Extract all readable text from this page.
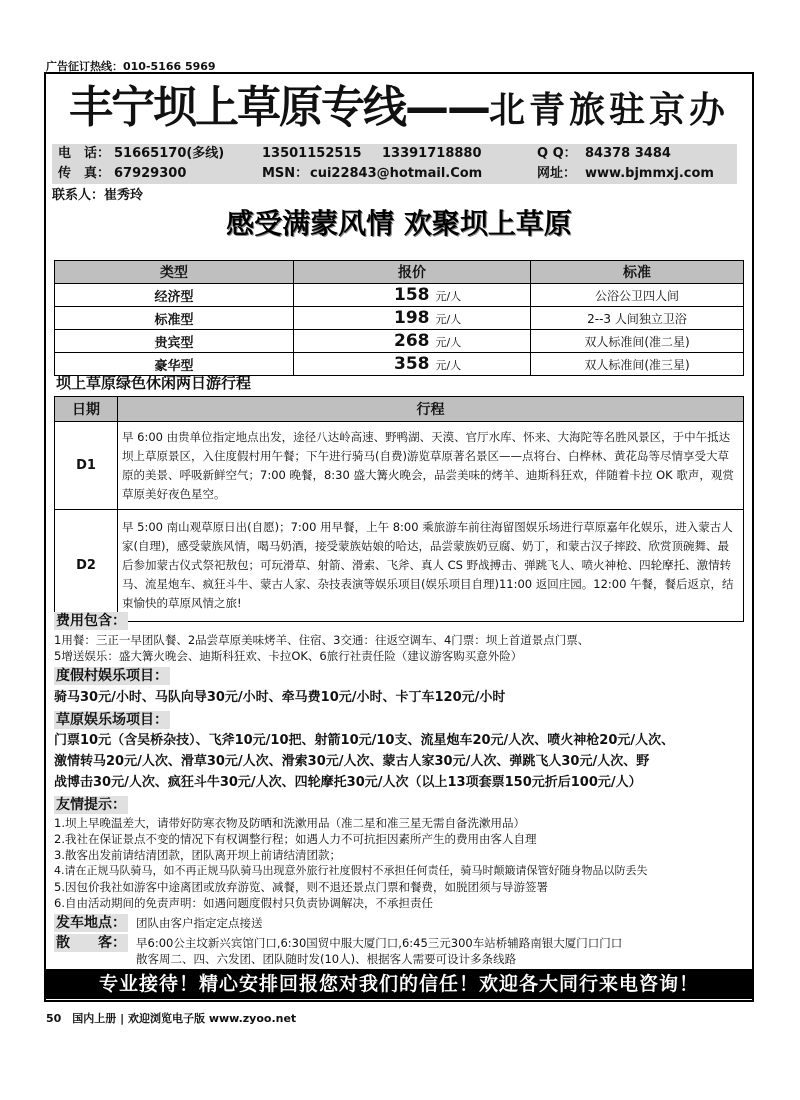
广告征订热线：010-5166 5969
丰宁坝上草原专线——北青旅驻京办
电　话： 51665170(多线)	13501152515 13391718880	Q Q： 84378 3484
传　真： 67929300	MSN： cui22843@hotmail.Com	网址： www.bjmmxj.com
联系人：崔秀玲
感受满蒙风情 欢聚坝上草原
类型	报价	标准
经济型	158 元/人	公浴公卫四人间
标准型	198 元/人	2--3 人间独立卫浴
贵宾型	268 元/人	双人标准间(准二星)
豪华型	358 元/人	双人标准间(准三星)
坝上草原绿色休闲两日游行程
日期	行程
D1	早 6:00 由贵单位指定地点出发，途径八达岭高速、野鸭湖、天漠、官厅水库、怀来、大海陀等名胜风景区，于中午抵达坝上草原景区，入住度假村用午餐；下午进行骑马(自费)游览草原著名景区——点将台、白桦林、黄花岛等尽情享受大草原的美景、呼吸新鲜空气；7:00 晚餐，8:30 盛大篝火晚会，品尝美味的烤羊、迪斯科狂欢，伴随着卡拉 OK 歌声，观赏草原美好夜色星空。
D2	早 5:00 南山观草原日出(自愿)；7:00 用早餐，上午 8:00 乘旅游车前往海留图娱乐场进行草原嘉年化娱乐，进入蒙古人家(自理)，感受蒙族风情，喝马奶酒，接受蒙族姑娘的哈达，品尝蒙族奶豆腐、奶丁，和蒙古汉子摔跤、欣赏顶碗舞、最后参加蒙古仪式祭祀敖包；可玩滑草、射箭、滑索、飞斧、真人 CS 野战搏击、弹跳飞人、喷火神枪、四轮摩托、激情转马、流星炮车、疯狂斗牛、蒙古人家、杂技表演等娱乐项目(娱乐项目自理)11:00 返回庄园。12:00 午餐，餐后返京，结束愉快的草原风情之旅!
费用包含：
1用餐：三正一早团队餐、2品尝草原美味烤羊、住宿、3交通：往返空调车、4门票：坝上首道景点门票、
5增送娱乐：盛大篝火晚会、迪斯科狂欢、卡拉OK、6旅行社责任险（建议游客购买意外险）
度假村娱乐项目：
骑马30元/小时、马队向导30元/小时、牵马费10元/小时、卡丁车120元/小时
草原娱乐场项目：
门票10元（含吴桥杂技）、飞斧10元/10把、射箭10元/10支、流星炮车20元/人次、喷火神枪20元/人次、
激情转马20元/人次、滑草30元/人次、滑索30元/人次、蒙古人家30元/人次、弹跳飞人30元/人次、野
战博击30元/人次、疯狂斗牛30元/人次、四轮摩托30元/人次（以上13项套票150元折后100元/人）
友情提示：
1.坝上早晚温差大，请带好防寒衣物及防晒和洗漱用品（准二星和准三星无需自备洗漱用品）
2.我社在保证景点不变的情况下有权调整行程；如遇人力不可抗拒因素所产生的费用由客人自理
3.散客出发前请结清团款，团队离开坝上前请结清团款；
4.请在正规马队骑马，如不再正规马队骑马出现意外旅行社度假村不承担任何责任，骑马时颠簸请保管好随身物品以防丢失
5.因包价我社如游客中途离团或放弃游览、减餐，则不退还景点门票和餐费，如脱团须与导游签署
6.自由活动期间的免责声明：如遇问题度假村只负责协调解决，不承担责任
发车地点： 团队由客户指定定点接送
散　　客： 早6:00公主坟新兴宾馆门口,6:30国贸中服大厦门口,6:45三元300车站桥辅路南银大厦门口门口
散客周二、四、六发团、团队随时发(10人)、根据客人需要可设计多条线路
专业接待！精心安排回报您对我们的信任！欢迎各大同行来电咨询！
50　国内上册 | 欢迎浏览电子版 www.zyoo.net
